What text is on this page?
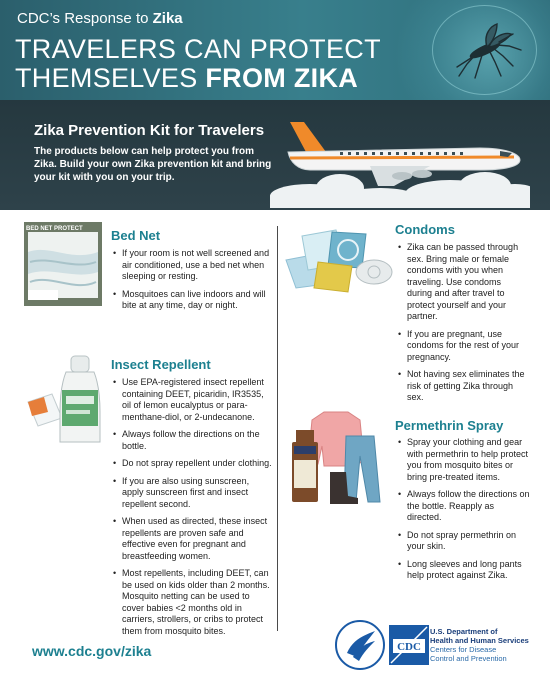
CDC’s Response to Zika
TRAVELERS CAN PROTECT
THEMSELVES FROM ZIKA
Zika Prevention Kit for Travelers
The products below can help protect you from Zika. Build your own Zika prevention kit and bring your kit with you on your trip.
BED NET PROTECT Bed Net
• If your room is not well screened and air conditioned, use a bed net when sleeping or resting.
• Mosquitoes can live indoors and will bite at any time, day or night.
Insect Repellent
• Use EPA-registered insect repellent containing DEET, picaridin, IR3535, oil of lemon eucalyptus or para-menthane-diol, or 2-undecanone.
• Always follow the directions on the bottle.
• Do not spray repellent under clothing.
• If you are also using sunscreen, apply sunscreen first and insect repellent second.
• When used as directed, these insect repellents are proven safe and effective even for pregnant and breastfeeding women.
• Most repellents, including DEET, can be used on kids older than 2 months. Mosquito netting can be used to cover babies <2 months old in carriers, strollers, or cribs to protect them from mosquito bites.
Condoms
• Zika can be passed through sex. Bring male or female condoms with you when traveling. Use condoms during and after travel to protect yourself and your partner.
• If you are pregnant, use condoms for the rest of your pregnancy.
• Not having sex eliminates the risk of getting Zika through sex.
Permethrin Spray
• Spray your clothing and gear with permethrin to help protect you from mosquito bites or bring pre-treated items.
• Always follow the directions on the bottle. Reapply as directed.
• Do not spray permethrin on your skin.
• Long sleeves and long pants help protect against Zika.
www.cdc.gov/zika	CDC
U.S. Department of
Health and Human Services
Centers for Disease
Control and Prevention
